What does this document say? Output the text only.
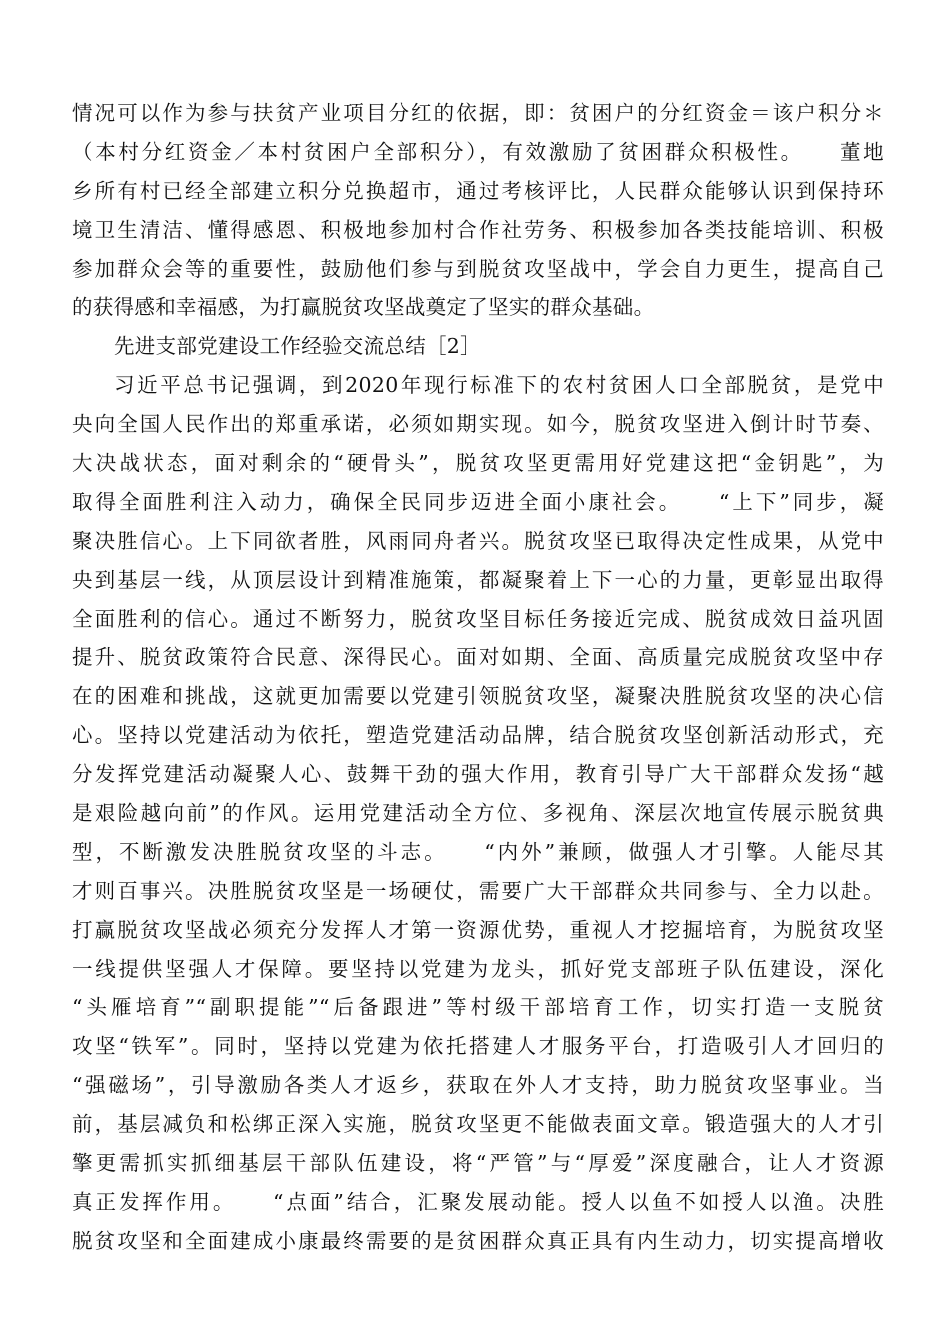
情况可以作为参与扶贫产业项目分红的依据，即：贫困户的分红资金＝该户积分＊
（本村分红资金／本村贫困户全部积分），有效激励了贫困群众积极性。　　董地
乡所有村已经全部建立积分兑换超市，通过考核评比，人民群众能够认识到保持环
境卫生清洁、懂得感恩、积极地参加村合作社劳务、积极参加各类技能培训、积极
参加群众会等的重要性，鼓励他们参与到脱贫攻坚战中，学会自力更生，提高自己
的获得感和幸福感，为打赢脱贫攻坚战奠定了坚实的群众基础。
先进支部党建设工作经验交流总结［2］
习近平总书记强调，到2020年现行标准下的农村贫困人口全部脱贫，是党中
央向全国人民作出的郑重承诺，必须如期实现。如今，脱贫攻坚进入倒计时节奏、
大决战状态，面对剩余的“硬骨头”，脱贫攻坚更需用好党建这把“金钥匙”，为
取得全面胜利注入动力，确保全民同步迈进全面小康社会。　　“上下”同步，凝
聚决胜信心。上下同欲者胜，风雨同舟者兴。脱贫攻坚已取得决定性成果，从党中
央到基层一线，从顶层设计到精准施策，都凝聚着上下一心的力量，更彰显出取得
全面胜利的信心。通过不断努力，脱贫攻坚目标任务接近完成、脱贫成效日益巩固
提升、脱贫政策符合民意、深得民心。面对如期、全面、高质量完成脱贫攻坚中存
在的困难和挑战，这就更加需要以党建引领脱贫攻坚，凝聚决胜脱贫攻坚的决心信
心。坚持以党建活动为依托，塑造党建活动品牌，结合脱贫攻坚创新活动形式，充
分发挥党建活动凝聚人心、鼓舞干劲的强大作用，教育引导广大干部群众发扬“越
是艰险越向前”的作风。运用党建活动全方位、多视角、深层次地宣传展示脱贫典
型，不断激发决胜脱贫攻坚的斗志。　　“内外”兼顾，做强人才引擎。人能尽其
才则百事兴。决胜脱贫攻坚是一场硬仗，需要广大干部群众共同参与、全力以赴。
打赢脱贫攻坚战必须充分发挥人才第一资源优势，重视人才挖掘培育，为脱贫攻坚
一线提供坚强人才保障。要坚持以党建为龙头，抓好党支部班子队伍建设，深化
“头雁培育”“副职提能”“后备跟进”等村级干部培育工作，切实打造一支脱贫
攻坚“铁军”。同时，坚持以党建为依托搭建人才服务平台，打造吸引人才回归的
“强磁场”，引导激励各类人才返乡，获取在外人才支持，助力脱贫攻坚事业。当
前，基层减负和松绑正深入实施，脱贫攻坚更不能做表面文章。锻造强大的人才引
擎更需抓实抓细基层干部队伍建设，将“严管”与“厚爱”深度融合，让人才资源
真正发挥作用。　　“点面”结合，汇聚发展动能。授人以鱼不如授人以渔。决胜
脱贫攻坚和全面建成小康最终需要的是贫困群众真正具有内生动力，切实提高增收
